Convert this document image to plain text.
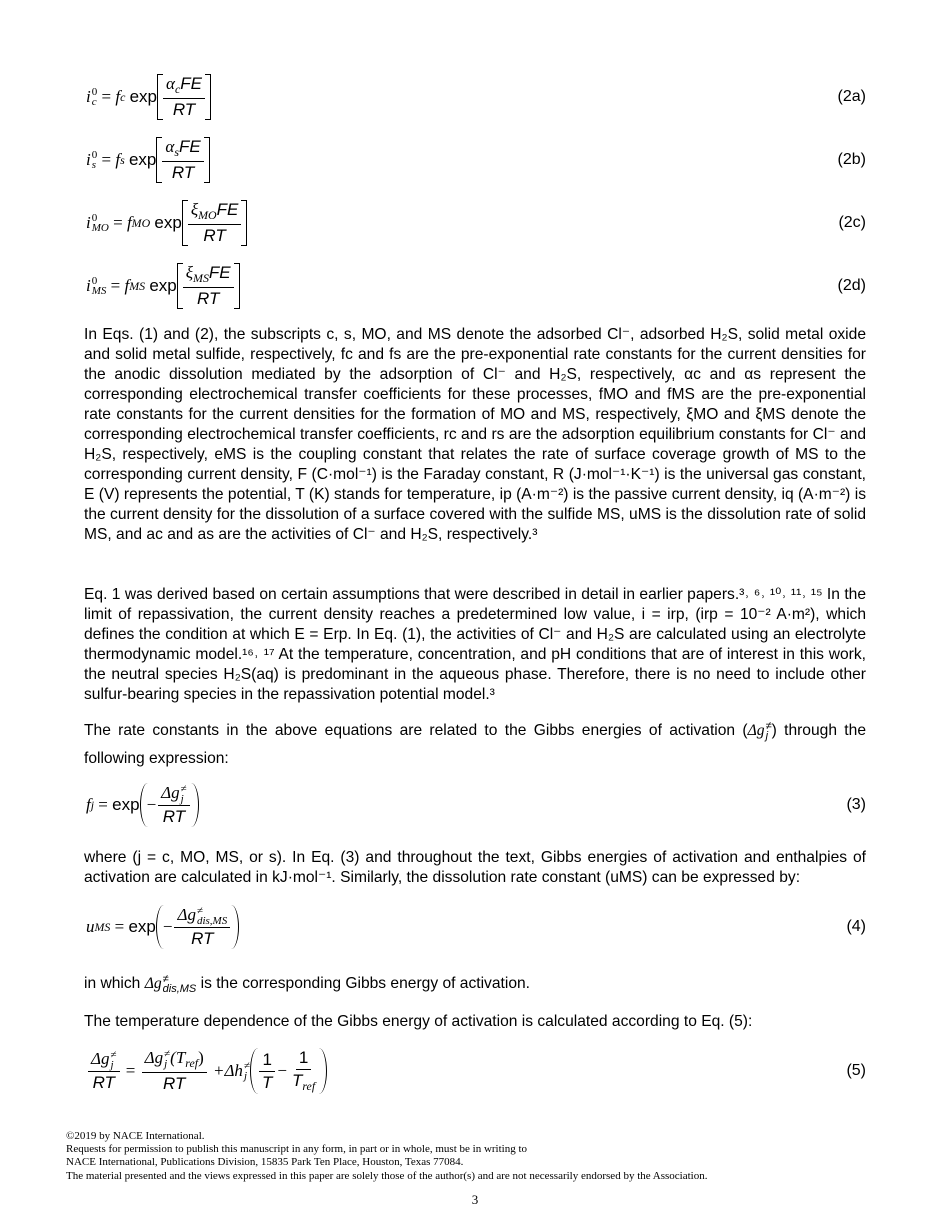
i 0
c = f c
$\exp \frac{\alpha_cFE}{RT}$	(2a)
i 0
s = f s
$\exp \frac{\alpha_sFE}{RT}$	(2b)
i 0
MO = f MO
$\exp \frac{\xi_{MO}FE}{RT}$	(2c)
i 0
MS = f MS
$\exp \frac{\xi_{MS}FE}{RT}$	(2d)
In Eqs. (1) and (2), the subscripts c, s, MO, and MS denote the adsorbed Cl⁻, adsorbed H₂S, solid metal oxide and solid metal sulfide, respectively, fc and fs are the pre-exponential rate constants for the current densities for the anodic dissolution mediated by the adsorption of Cl⁻ and H₂S, respectively, αc and αs represent the corresponding electrochemical transfer coefficients for these processes, fMO and fMS are the pre-exponential rate constants for the current densities for the formation of MO and MS, respectively, ξMO and ξMS denote the corresponding electrochemical transfer coefficients, rc and rs are the adsorption equilibrium constants for Cl⁻ and H₂S, respectively, eMS is the coupling constant that relates the rate of surface coverage growth of MS to the corresponding current density, F (C·mol⁻¹) is the Faraday constant, R (J·mol⁻¹·K⁻¹) is the universal gas constant, E (V) represents the potential, T (K) stands for temperature, ip (A·m⁻²) is the passive current density, iq (A·m⁻²) is the current density for the dissolution of a surface covered with the sulfide MS, uMS is the dissolution rate of solid MS, and ac and as are the activities of Cl⁻ and H₂S, respectively.³
Eq. 1 was derived based on certain assumptions that were described in detail in earlier papers.³˒ ⁶˒ ¹⁰˒ ¹¹˒ ¹⁵ In the limit of repassivation, the current density reaches a predetermined low value, i = irp, (irp = 10⁻² A·m²), which defines the condition at which E = Erp. In Eq. (1), the activities of Cl⁻ and H₂S are calculated using an electrolyte thermodynamic model.¹⁶˒ ¹⁷ At the temperature, concentration, and pH conditions that are of interest in this work, the neutral species H₂S(aq) is predominant in the aqueous phase. Therefore, there is no need to include other sulfur-bearing species in the repassivation potential model.³
The rate constants in the above equations are related to the Gibbs energies of activation (Δg ≠
j ) through the following expression:
f j = exp − Δg ≠
j
RT	(3)
where (j = c, MO, MS, or s). In Eq. (3) and throughout the text, Gibbs energies of activation and enthalpies of activation are calculated in kJ·mol⁻¹. Similarly, the dissolution rate constant (uMS) can be expressed by:
u MS = exp − Δg ≠
dis,MS
RT	(4)
in which Δg ≠
dis,MS is the corresponding Gibbs energy of activation.
The temperature dependence of the Gibbs energy of activation is calculated according to Eq. (5):
Δg ≠
j
RT = Δg ≠
j $(T_{ref})$
RT
+Δh ≠
j $\frac{1}{T} - \frac{1}{T_{ref}}$	(5)
©2019 by NACE International.
Requests for permission to publish this manuscript in any form, in part or in whole, must be in writing to
NACE International, Publications Division, 15835 Park Ten Place, Houston, Texas 77084.
The material presented and the views expressed in this paper are solely those of the author(s) and are not necessarily endorsed by the Association.
3
